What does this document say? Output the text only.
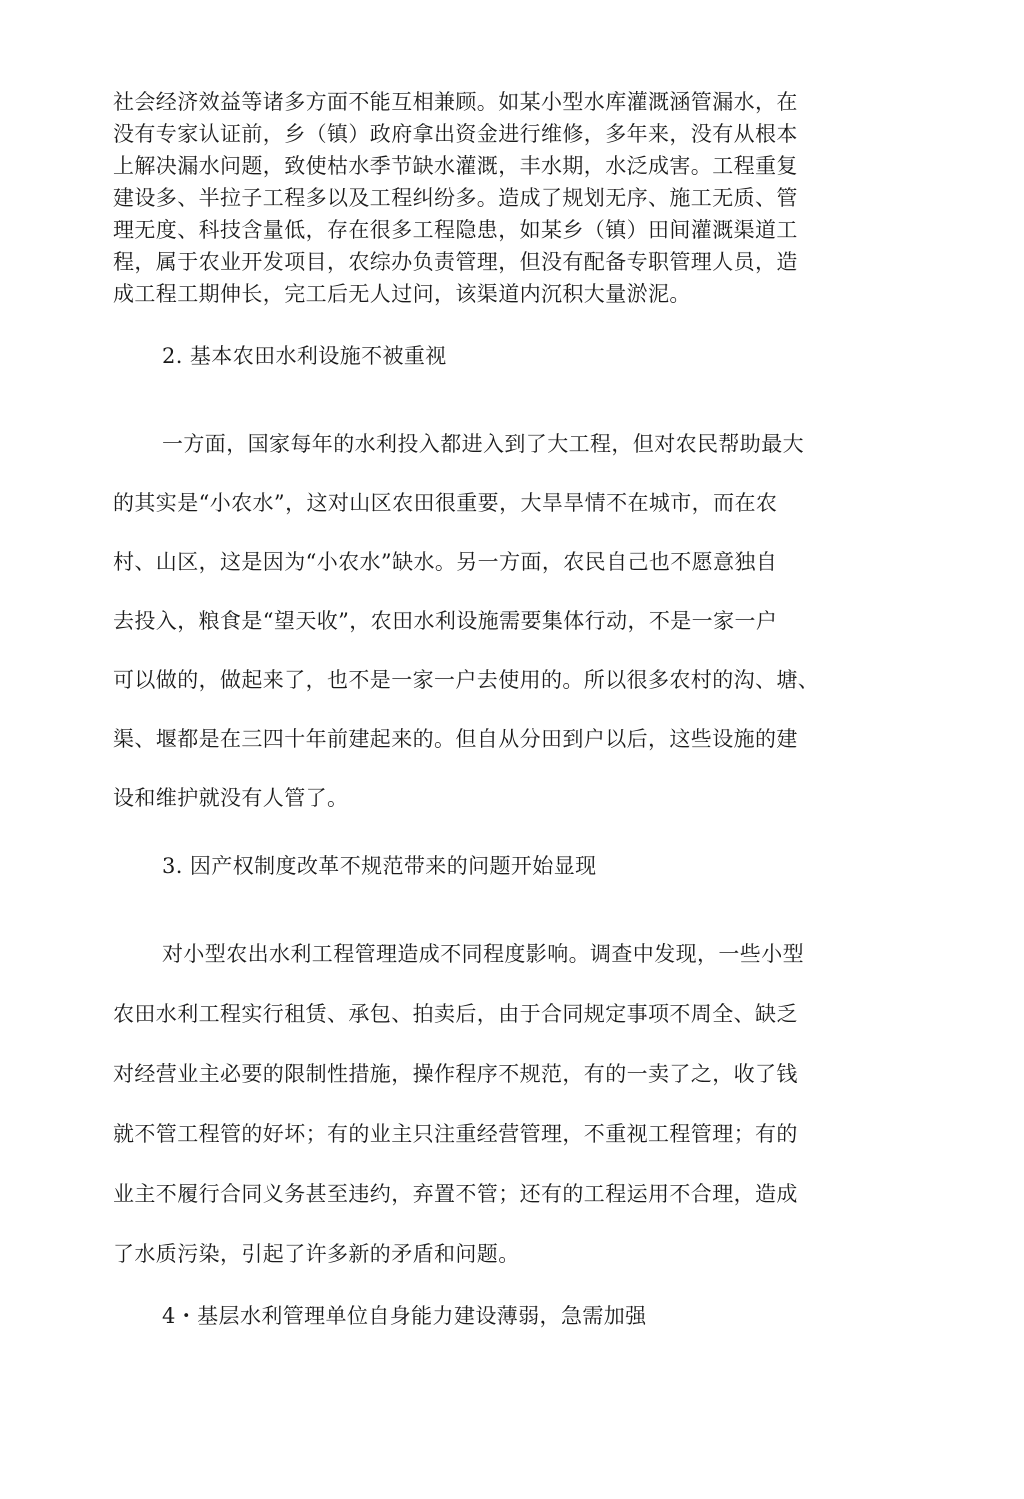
社会经济效益等诸多方面不能互相兼顾。如某小型水库灌溉涵管漏水，在
没有专家认证前，乡（镇）政府拿出资金进行维修，多年来，没有从根本
上解决漏水问题，致使枯水季节缺水灌溉，丰水期，水泛成害。工程重复
建设多、半拉子工程多以及工程纠纷多。造成了规划无序、施工无质、管
理无度、科技含量低，存在很多工程隐患，如某乡（镇）田间灌溉渠道工
程，属于农业开发项目，农综办负责管理，但没有配备专职管理人员，造
成工程工期伸长，完工后无人过问，该渠道内沉积大量淤泥。
2. 基本农田水利设施不被重视
一方面，国家每年的水利投入都进入到了大工程，但对农民帮助最大
的其实是“小农水”，这对山区农田很重要，大旱旱情不在城市，而在农
村、山区，这是因为“小农水”缺水。另一方面，农民自己也不愿意独自
去投入，粮食是“望天收”，农田水利设施需要集体行动，不是一家一户
可以做的，做起来了，也不是一家一户去使用的。所以很多农村的沟、塘、
渠、堰都是在三四十年前建起来的。但自从分田到户以后，这些设施的建
设和维护就没有人管了。
3. 因产权制度改革不规范带来的问题开始显现
对小型农出水利工程管理造成不同程度影响。调查中发现，一些小型
农田水利工程实行租赁、承包、拍卖后，由于合同规定事项不周全、缺乏
对经营业主必要的限制性措施，操作程序不规范，有的一卖了之，收了钱
就不管工程管的好坏；有的业主只注重经营管理，不重视工程管理；有的
业主不履行合同义务甚至违约，弃置不管；还有的工程运用不合理，造成
了水质污染，引起了许多新的矛盾和问题。
4・基层水利管理单位自身能力建设薄弱，急需加强
